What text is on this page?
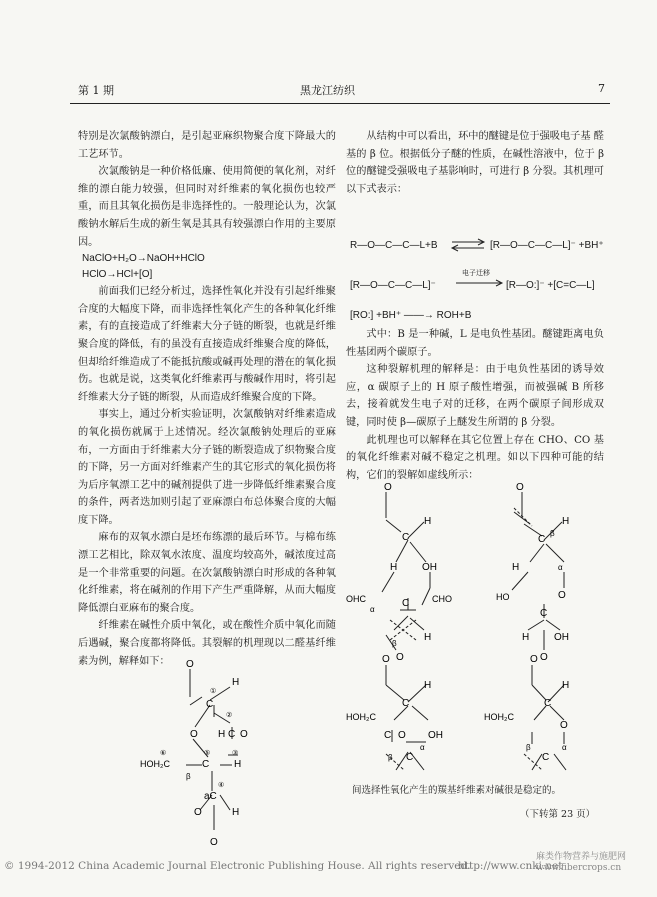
第 1 期	黑龙江纺织	7

特别是次氯酸钠漂白，是引起亚麻织物聚合度下降最大的工艺环节。

次氯酸钠是一种价格低廉、使用简便的氧化剂，对纤维的漂白能力较强，但同时对纤维素的氧化损伤也较严重，而且其氧化损伤是非选择性的。一般理论认为，次氯酸钠水解后生成的新生氧是其具有较强漂白作用的主要原因。

NaClO+H₂O→NaOH+HClO

HClO→HCl+[O]

前面我们已经分析过，选择性氧化并没有引起纤维聚合度的大幅度下降，而非选择性氧化产生的各种氧化纤维素，有的直接造成了纤维素大分子链的断裂，也就是纤维聚合度的降低，有的虽没有直接造成纤维聚合度的降低，但却给纤维造成了不能抵抗酸或碱再处理的潜在的氧化损伤。也就是说，这类氧化纤维素再与酸碱作用时，将引起纤维素大分子链的断裂，从而造成纤维聚合度的下降。

事实上，通过分析实验证明，次氯酸钠对纤维素造成的氧化损伤就属于上述情况。经次氯酸钠处理后的亚麻布，一方面由于纤维素大分子链的断裂造成了织物聚合度的下降，另一方面对纤维素产生的其它形式的氧化损伤将为后序氧漂工艺中的碱剂提供了进一步降低纤维素聚合度的条件，两者迭加则引起了亚麻漂白布总体聚合度的大幅度下降。

麻布的双氧水漂白是坯布练漂的最后环节。与棉布练漂工艺相比，除双氧水浓度、温度均较高外，碱浓度过高是一个非常重要的问题。在次氯酸钠漂白时形成的各种氧化纤维素，将在碱剂的作用下产生严重降解，从而大幅度降低漂白亚麻布的聚合度。

纤维素在碱性介质中氧化，或在酸性介质中氧化而随后遇碱，聚合度都将降低。其裂解的机理现以二醛基纤维素为例，解释如下：	O
C
H
①
②
H C O
O
HOH₂C	C H
⑤	③
⑥
β
aC
④
O	H
O

从结构中可以看出，环中的醚键是位于强吸电子基 醛基的 β 位。根据低分子醚的性质，在碱性溶液中，位于 β 位的醚键受强吸电子基影响时，可进行 β 分裂。其机理可以下式表示：

R—O—C—C—L+B ⇌ [R—O—C—C—L]⁻ +BH⁺
[R—O—C—C—L]⁻
电子迁移
[R—O:]⁻ +[C=C—L]
[RO:] +BH⁺ ——→ ROH+B

式中：B 是一种碱，L 是电负性基团。醚键距离电负性基团两个碳原子。

这种裂解机理的解释是：由于电负性基团的诱导效应，α 碳原子上的 H 原子酸性增强，而被强碱 B 所移去，接着就发生电子对的迁移，在两个碳原子间形成双键，同时使 β—碳原子上醚发生所谓的 β 分裂。

此机理也可以解释在其它位置上存在 CHO、CO 基的氧化纤维素对碱不稳定之机理。如以下四种可能的结构，它们的裂解如虚线所示：

O
C
H
H OH
OHC	C
α
CHO
β
H
O
O
C
β
H
H	α
HO	O
C
H OH
O
O
C
H
HOH₂C
C O OH
α
C
β
O
C
H
HOH₂C
O
β	α
C
间选择性氧化产生的羰基纤维素对碱很是稳定的。
（下转第 23 页）
© 1994-2012 China Academic Journal Electronic Publishing House. All rights reserved.
http://www.cnki.net
麻类作物营养与施肥网 www.fibercrops.cn
